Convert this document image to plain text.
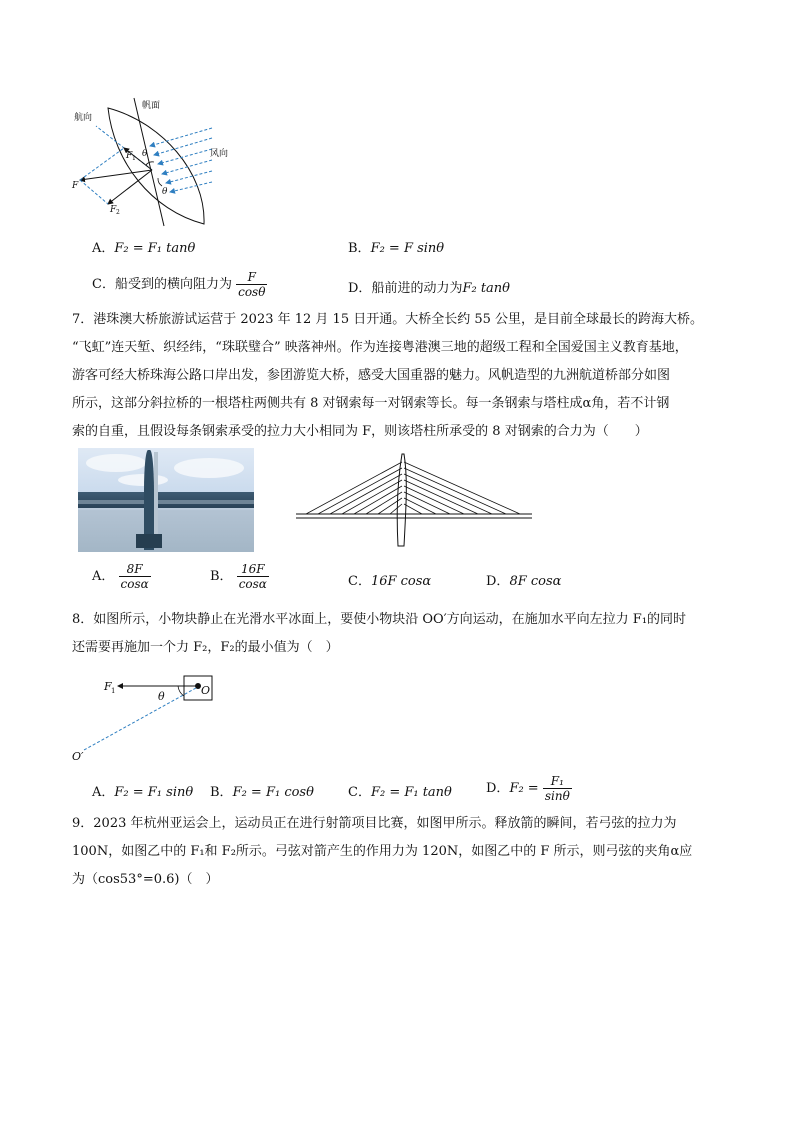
帆面
航向
风向
F
F 1
F 2
θ
θ
A．F₂ = F₁ tanθ	B．F₂ = F sinθ
C．船受到的横向阻力为 $\frac{F}{\cos\theta}$	D．船前进的动力为F₂ tanθ
7．港珠澳大桥旅游试运营于 2023 年 12 月 15 日开通。大桥全长约 55 公里，是目前全球最长的跨海大桥。
“飞虹”连天堑、织经纬，“珠联璧合” 映落神州。作为连接粤港澳三地的超级工程和全国爱国主义教育基地，
游客可经大桥珠海公路口岸出发，参团游览大桥，感受大国重器的魅力。风帆造型的九洲航道桥部分如图
所示，这部分斜拉桥的一根塔柱两侧共有 8 对钢索每一对钢索等长。每一条钢索与塔柱成α角，若不计钢
索的自重，且假设每条钢索承受的拉力大小相同为 F，则该塔柱所承受的 8 对钢索的合力为（　　）
A． $\frac{8F}{\cos\alpha}$	B． $\frac{16F}{\cos\alpha}$	C．16F cosα	D．8F cosα
8．如图所示，小物块静止在光滑水平冰面上，要使小物块沿 OO′方向运动，在施加水平向左拉力 F₁的同时
还需要再施加一个力 F₂，F₂的最小值为（　）
F 1	θ	O
O′
A．F₂ = F₁ sinθ B．F₂ = F₁ cosθ	C．F₂ = F₁ tanθ	D．$F_2 = \frac{\text{F₁}}{\sin\theta}$
9．2023 年杭州亚运会上，运动员正在进行射箭项目比赛，如图甲所示。释放箭的瞬间，若弓弦的拉力为
100N，如图乙中的 F₁和 F₂所示。弓弦对箭产生的作用力为 120N，如图乙中的 F 所示，则弓弦的夹角α应
为（cos53°=0.6)（　）
